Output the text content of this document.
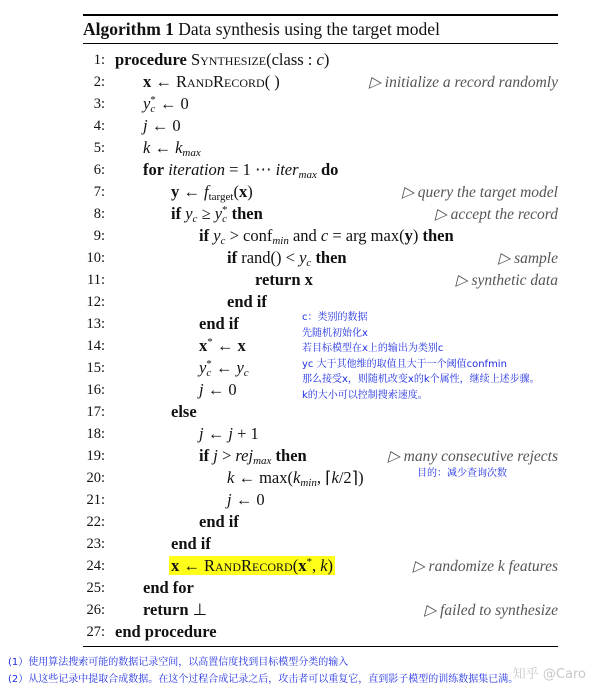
Algorithm 1 Data synthesis using the target model
1: procedure Synthesize(class : c)
2: x ← RandRecord( )	▷ initialize a record randomly
3: $y_c^*$ ← 0
4: j ← 0
5: k ← $k_{max}$
6: for iteration = 1 ⋯ iter$_{max}$ do
7:	y ← $f_{target}(x)$	▷ query the target model
8:	if $y_c \ge y_c^*$ then	▷ accept the record
9:	if $y_c$ > conf$_{min}$ and c = arg max(y) then
10:	if rand() < $y_c$ then	▷ sample
11:	return x	▷ synthetic data
12:	end if
13:	end if
14:	x* ← x
15:	$y_c^*$ ← $y_c$
16:	j ← 0
17:	else
18:	j ← j + 1
19:	if j > rej$_{max}$ then	▷ many consecutive rejects
20:	k ← $\max(k_{min}$, ⌈k/2⌉)
21:	j ← 0
22:	end if
23:	end if
24:	x ← RandRecord(x*, k)	▷ randomize k features
25: end for
26: return ⊥	▷ failed to synthesize
27: end procedure
c：类别的数据
先随机初始化x
若目标模型在x上的输出为类别c
yc 大于其他维的取值且大于一个阈值confmin
那么接受x，则随机改变x的k个属性，继续上述步骤。
k的大小可以控制搜索速度。
目的：减少查询次数
(1）使用算法搜索可能的数据记录空间，以高置信度找到目标模型分类的输入
(2）从这些记录中提取合成数据。在这个过程合成记录之后，攻击者可以重复它，直到影子模型的训练数据集已满。
知乎 @Caro
